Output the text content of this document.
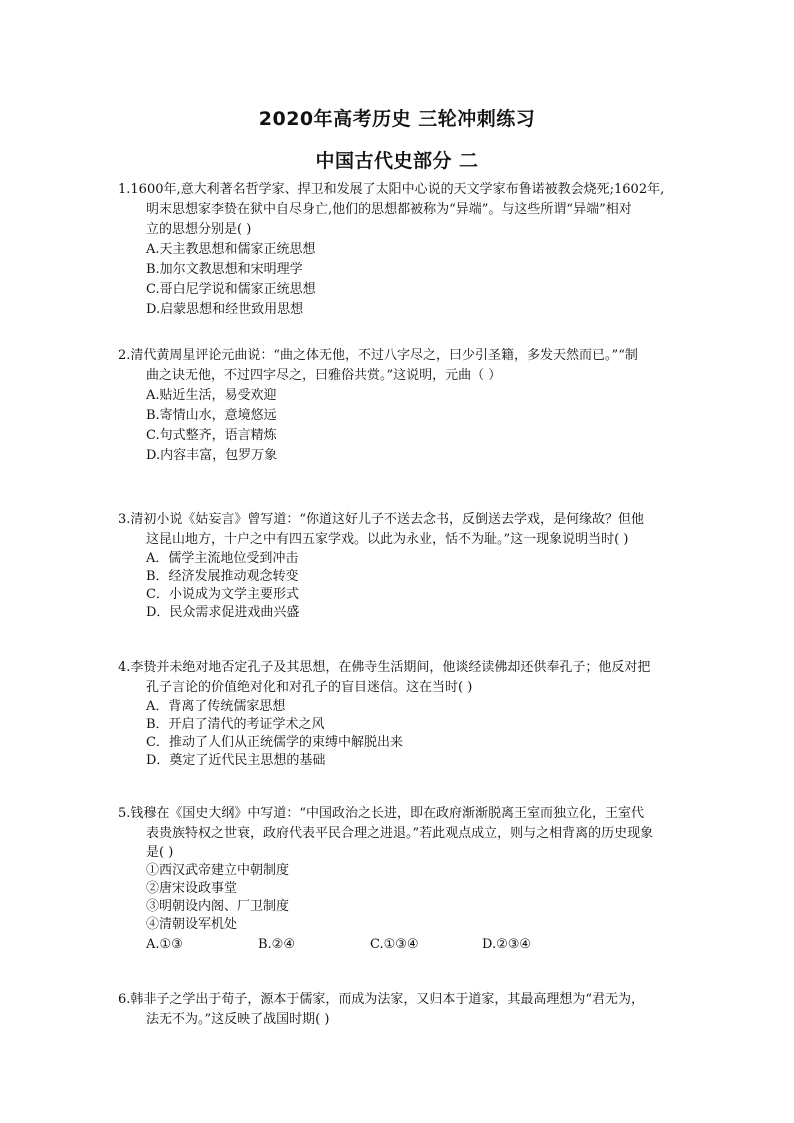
2020年高考历史 三轮冲刺练习
中国古代史部分 二
1.1600年,意大利著名哲学家、捍卫和发展了太阳中心说的天文学家布鲁诺被教会烧死;1602年,
明末思想家李贽在狱中自尽身亡,他们的思想都被称为“异端”。与这些所谓“异端”相对
立的思想分别是( )
A.天主教思想和儒家正统思想
B.加尔文教思想和宋明理学
C.哥白尼学说和儒家正统思想
D.启蒙思想和经世致用思想
2.清代黄周星评论元曲说：“曲之体无他，不过八字尽之，曰少引圣籍，多发天然而已。”“制
曲之诀无他，不过四字尽之，曰雅俗共赏。”这说明，元曲（ ）
A.贴近生活，易受欢迎
B.寄情山水，意境悠远
C.句式整齐，语言精炼
D.内容丰富，包罗万象
3.清初小说《姑妄言》曾写道：“你道这好儿子不送去念书，反倒送去学戏，是何缘故？但他
这昆山地方，十户之中有四五家学戏。以此为永业，恬不为耻。”这一现象说明当时( )
A．儒学主流地位受到冲击
B．经济发展推动观念转变
C．小说成为文学主要形式
D．民众需求促进戏曲兴盛
4.李贽并未绝对地否定孔子及其思想，在佛寺生活期间，他谈经读佛却还供奉孔子；他反对把
孔子言论的价值绝对化和对孔子的盲目迷信。这在当时( )
A．背离了传统儒家思想
B．开启了清代的考证学术之风
C．推动了人们从正统儒学的束缚中解脱出来
D．奠定了近代民主思想的基础
5.钱穆在《国史大纲》中写道：“中国政治之长进，即在政府渐渐脱离王室而独立化，王室代
表贵族特权之世衰，政府代表平民合理之进退。”若此观点成立，则与之相背离的历史现象
是( )
①西汉武帝建立中朝制度
②唐宋设政事堂
③明朝设内阁、厂卫制度
④清朝设军机处
A.①③	B.②④	C.①③④	D.②③④
6.韩非子之学出于荀子，源本于儒家，而成为法家，又归本于道家，其最高理想为“君无为，
法无不为。”这反映了战国时期( )
